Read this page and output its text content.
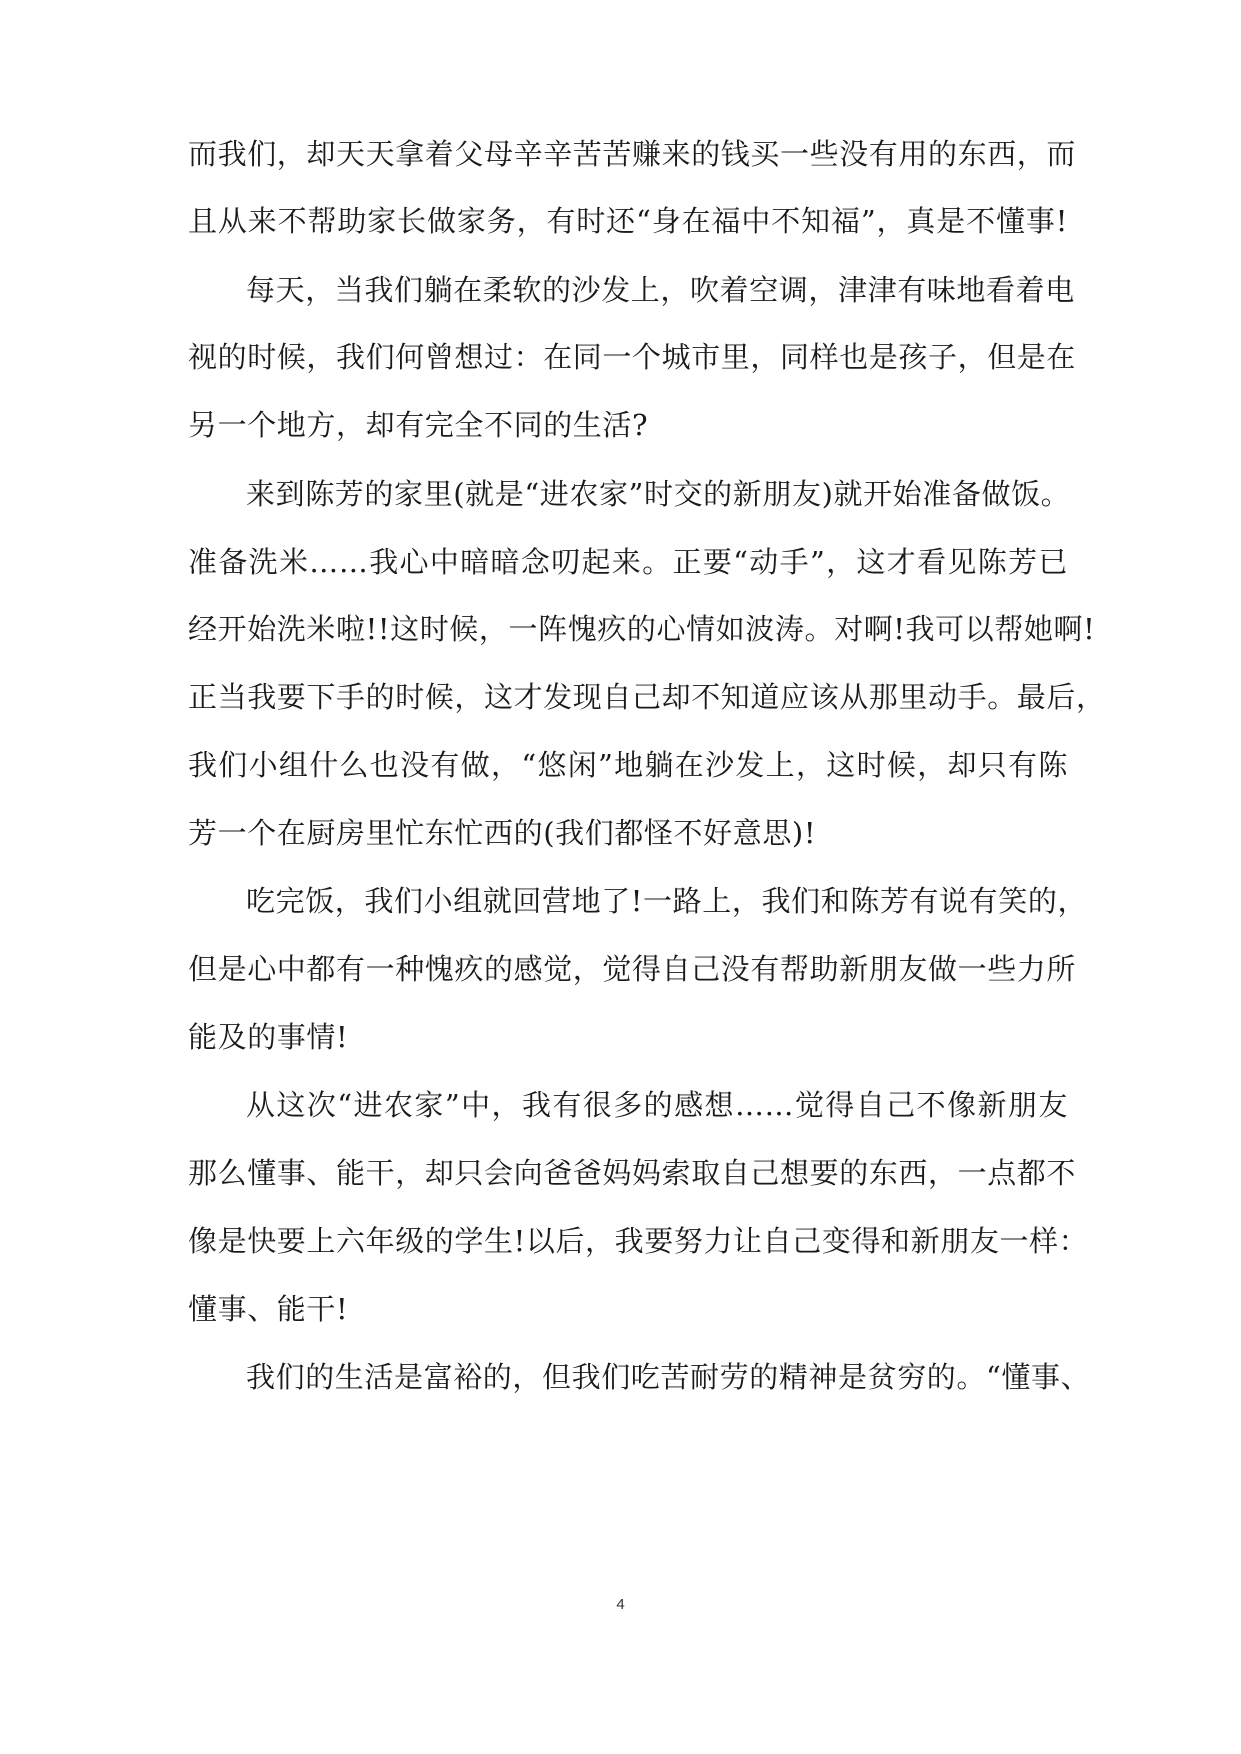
而我们，却天天拿着父母辛辛苦苦赚来的钱买一些没有用的东西，而
且从来不帮助家长做家务，有时还“身在福中不知福”，真是不懂事!
每天，当我们躺在柔软的沙发上，吹着空调，津津有味地看着电
视的时候，我们何曾想过：在同一个城市里，同样也是孩子，但是在
另一个地方，却有完全不同的生活?
来到陈芳的家里(就是“进农家”时交的新朋友)就开始准备做饭。
准备洗米……我心中暗暗念叨起来。正要“动手”，这才看见陈芳已
经开始洗米啦!!这时候，一阵愧疚的心情如波涛。对啊!我可以帮她啊!
正当我要下手的时候，这才发现自己却不知道应该从那里动手。最后，
我们小组什么也没有做，“悠闲”地躺在沙发上，这时候，却只有陈
芳一个在厨房里忙东忙西的(我们都怪不好意思)!
吃完饭，我们小组就回营地了!一路上，我们和陈芳有说有笑的，
但是心中都有一种愧疚的感觉，觉得自己没有帮助新朋友做一些力所
能及的事情!
从这次“进农家”中，我有很多的感想……觉得自己不像新朋友
那么懂事、能干，却只会向爸爸妈妈索取自己想要的东西，一点都不
像是快要上六年级的学生!以后，我要努力让自己变得和新朋友一样：
懂事、能干!
我们的生活是富裕的，但我们吃苦耐劳的精神是贫穷的。“懂事、
4
